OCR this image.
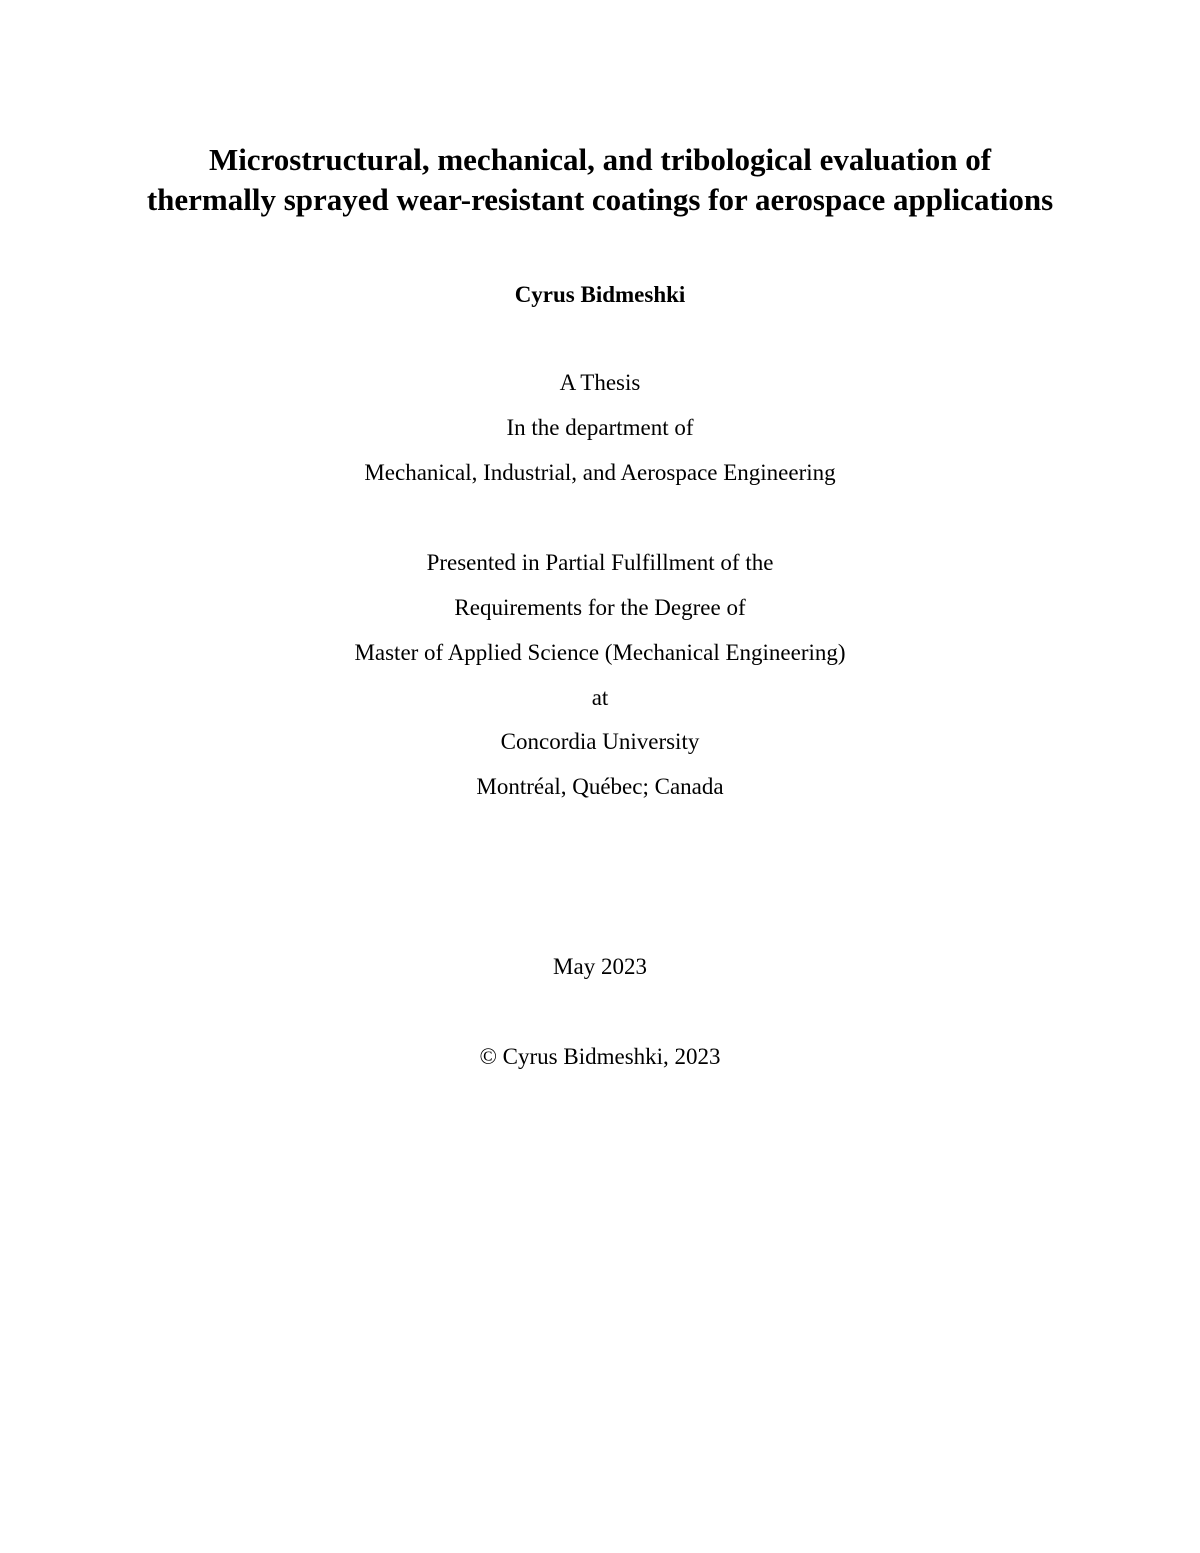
Microstructural, mechanical, and tribological evaluation of
thermally sprayed wear-resistant coatings for aerospace applications
Cyrus Bidmeshki
A Thesis
In the department of
Mechanical, Industrial, and Aerospace Engineering
Presented in Partial Fulfillment of the
Requirements for the Degree of
Master of Applied Science (Mechanical Engineering)
at
Concordia University
Montréal, Québec; Canada
May 2023
© Cyrus Bidmeshki, 2023
